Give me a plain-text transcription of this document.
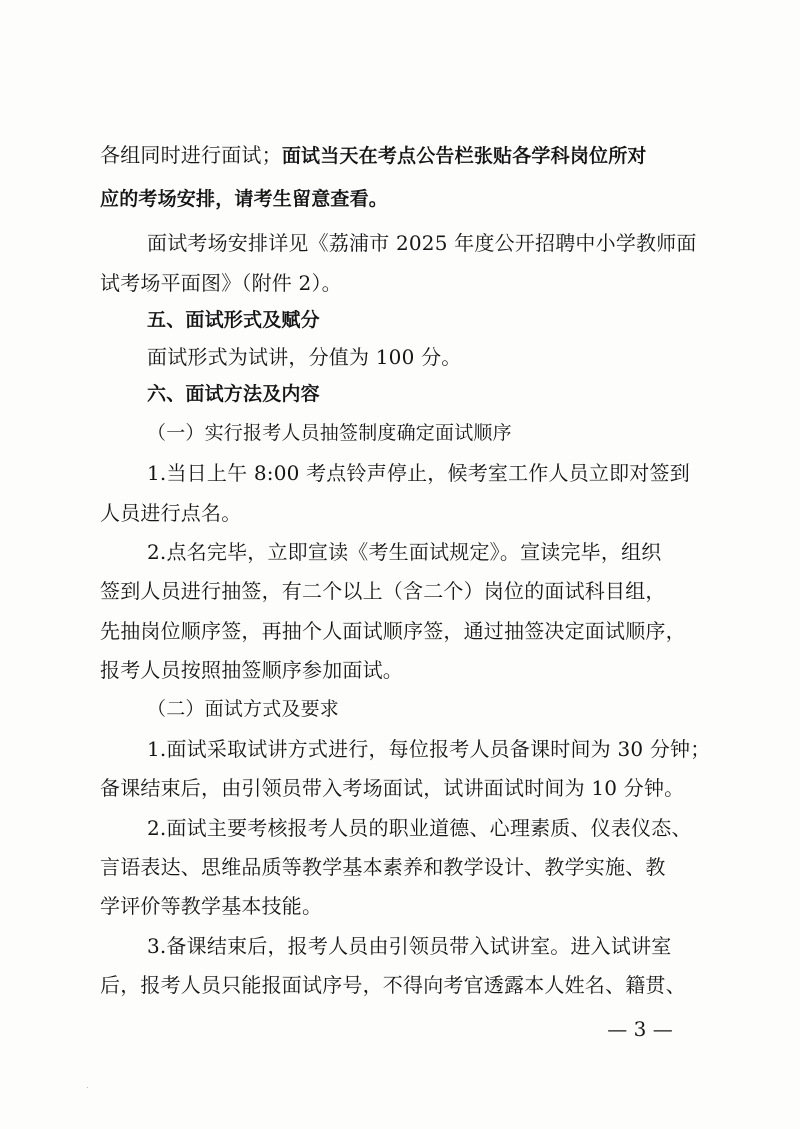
各组同时进行面试；面试当天在考点公告栏张贴各学科岗位所对
应的考场安排，请考生留意查看。
面试考场安排详见《荔浦市 2025 年度公开招聘中小学教师面
试考场平面图》（附件 2）。
五、面试形式及赋分
面试形式为试讲，分值为 100 分。
六、面试方法及内容
（一）实行报考人员抽签制度确定面试顺序
1.当日上午 8:00 考点铃声停止，候考室工作人员立即对签到
人员进行点名。
2.点名完毕，立即宣读《考生面试规定》。宣读完毕，组织
签到人员进行抽签，有二个以上（含二个）岗位的面试科目组，
先抽岗位顺序签，再抽个人面试顺序签，通过抽签决定面试顺序，
报考人员按照抽签顺序参加面试。
（二）面试方式及要求
1.面试采取试讲方式进行，每位报考人员备课时间为 30 分钟；
备课结束后，由引领员带入考场面试，试讲面试时间为 10 分钟。
2.面试主要考核报考人员的职业道德、心理素质、仪表仪态、
言语表达、思维品质等教学基本素养和教学设计、教学实施、教
学评价等教学基本技能。
3.备课结束后，报考人员由引领员带入试讲室。进入试讲室
后，报考人员只能报面试序号，不得向考官透露本人姓名、籍贯、
— 3 —
